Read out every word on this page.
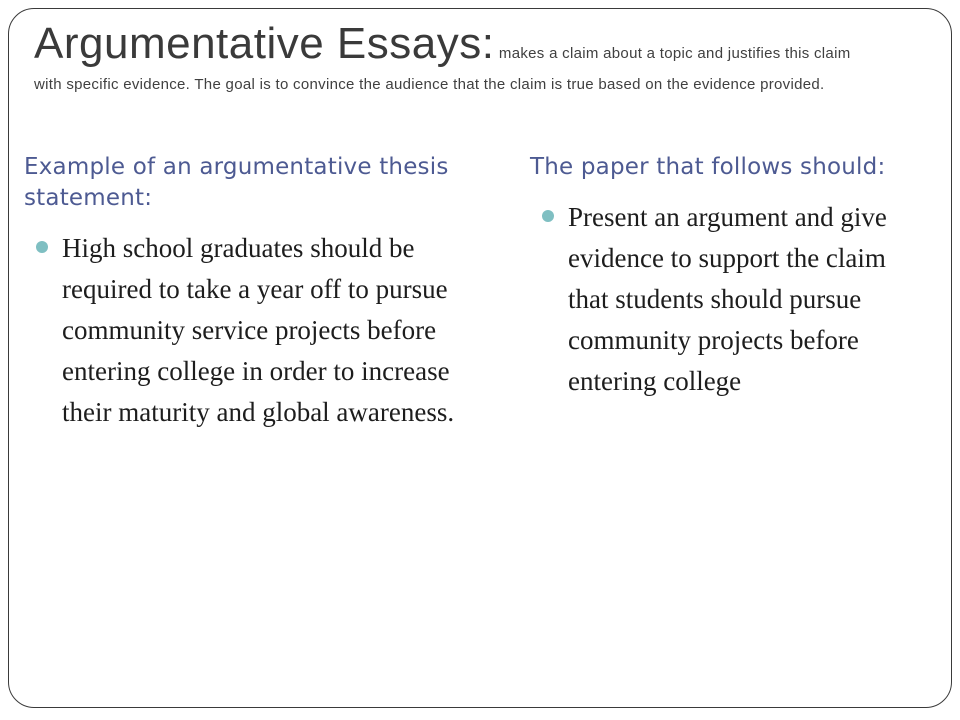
Argumentative Essays: makes a claim about a topic and justifies this claim
with specific evidence. The goal is to convince the audience that the claim is true based on the evidence provided.
Example of an argumentative thesis statement:
High school graduates should be required to take a year off to pursue community service projects before entering college in order to increase their maturity and global awareness.
The paper that follows should:
Present an argument and give evidence to support the claim that students should pursue community projects before entering college
